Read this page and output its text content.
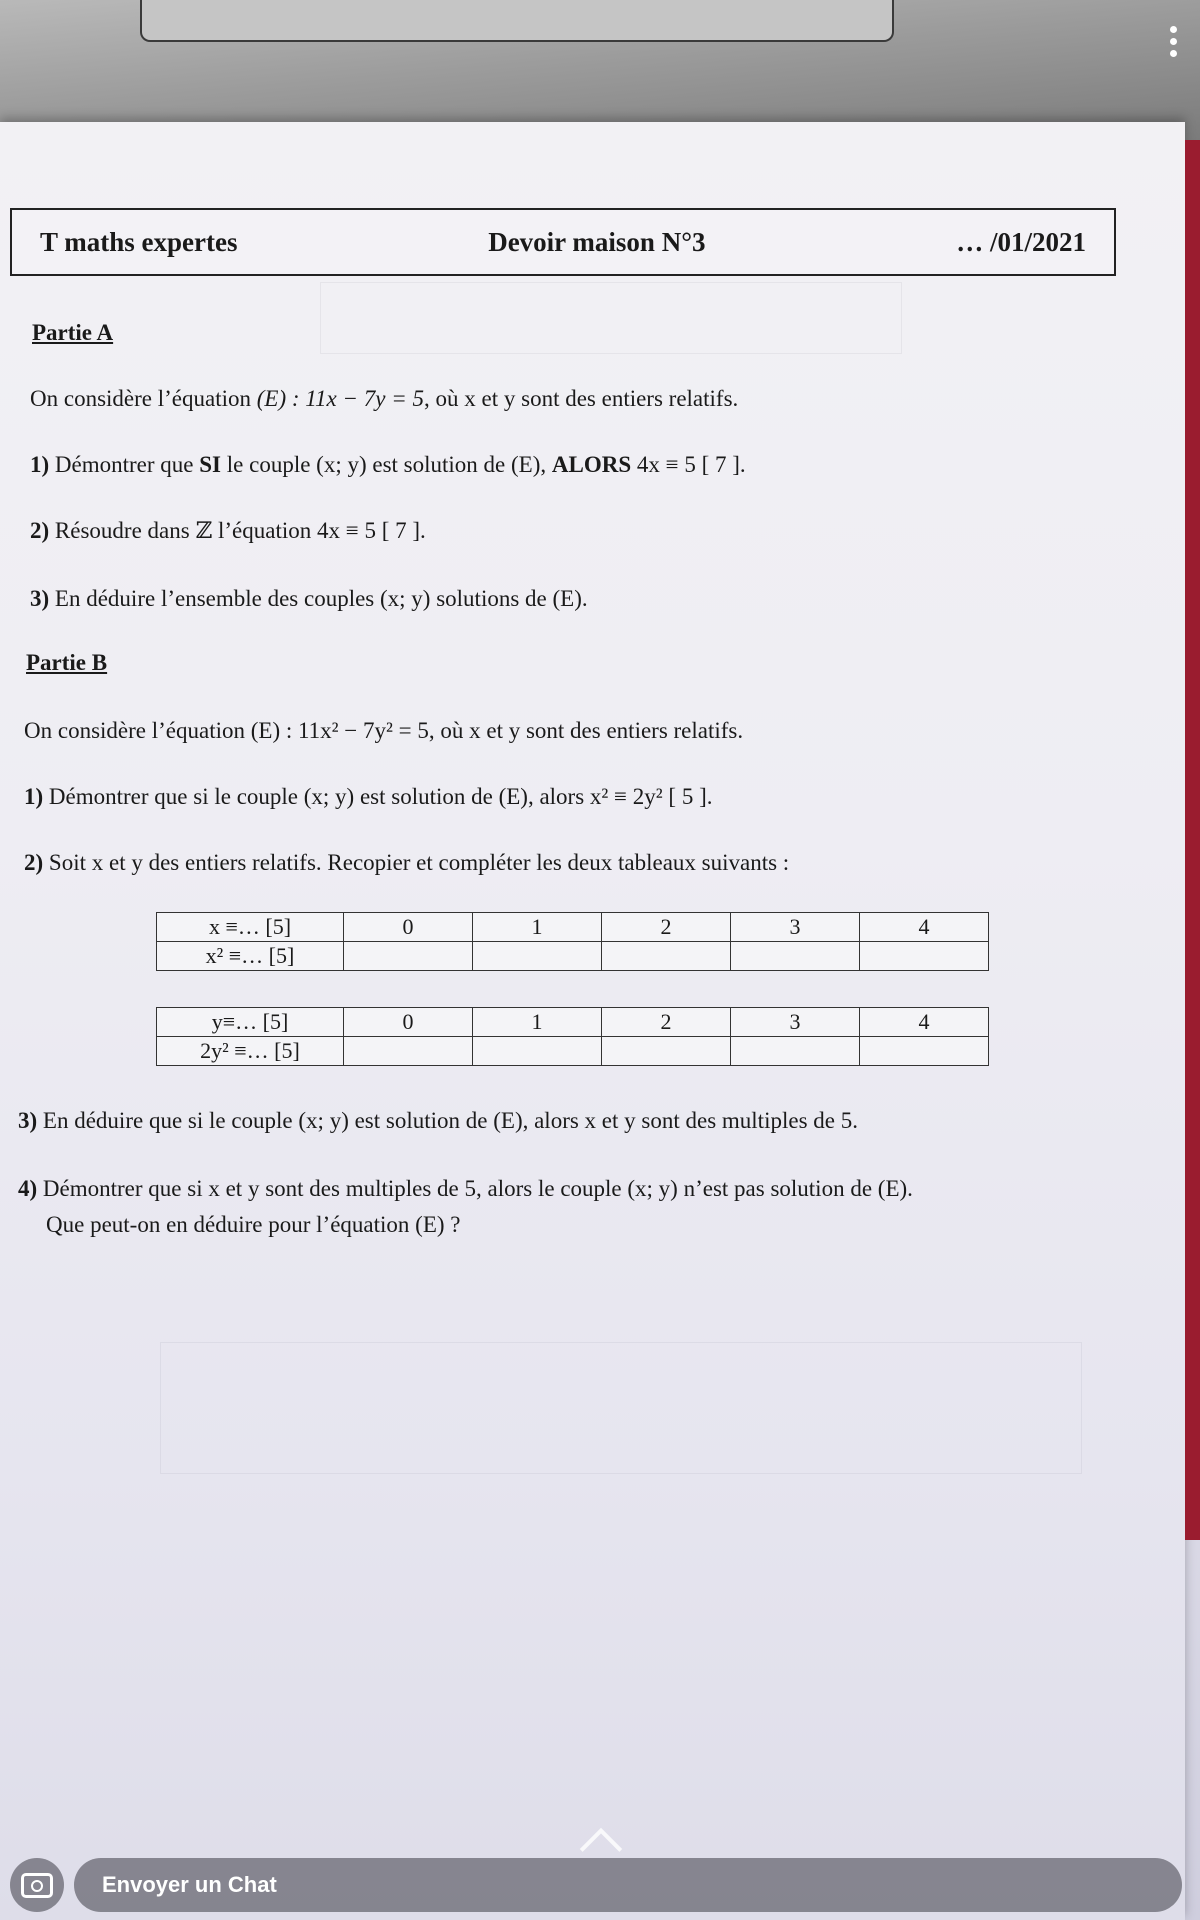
T maths expertes	Devoir maison N°3	… /01/2021
Partie A
On considère l’équation (E) : 11x − 7y = 5, où x et y sont des entiers relatifs.
1) Démontrer que SI le couple (x; y) est solution de (E), ALORS 4x ≡ 5 [ 7 ].
2) Résoudre dans ℤ l’équation 4x ≡ 5 [ 7 ].
3) En déduire l’ensemble des couples (x; y) solutions de (E).
Partie B
On considère l’équation (E) : 11x² − 7y² = 5, où x et y sont des entiers relatifs.
1) Démontrer que si le couple (x; y) est solution de (E), alors x² ≡ 2y² [ 5 ].
2) Soit x et y des entiers relatifs. Recopier et compléter les deux tableaux suivants :
x ≡… [5]	0	1	2	3	4
x² ≡… [5]					
y≡… [5]	0	1	2	3	4
2y² ≡… [5]					
3) En déduire que si le couple (x; y) est solution de (E), alors x et y sont des multiples de 5.
4) Démontrer que si x et y sont des multiples de 5, alors le couple (x; y) n’est pas solution de (E).
Que peut-on en déduire pour l’équation (E) ?
Envoyer un Chat
